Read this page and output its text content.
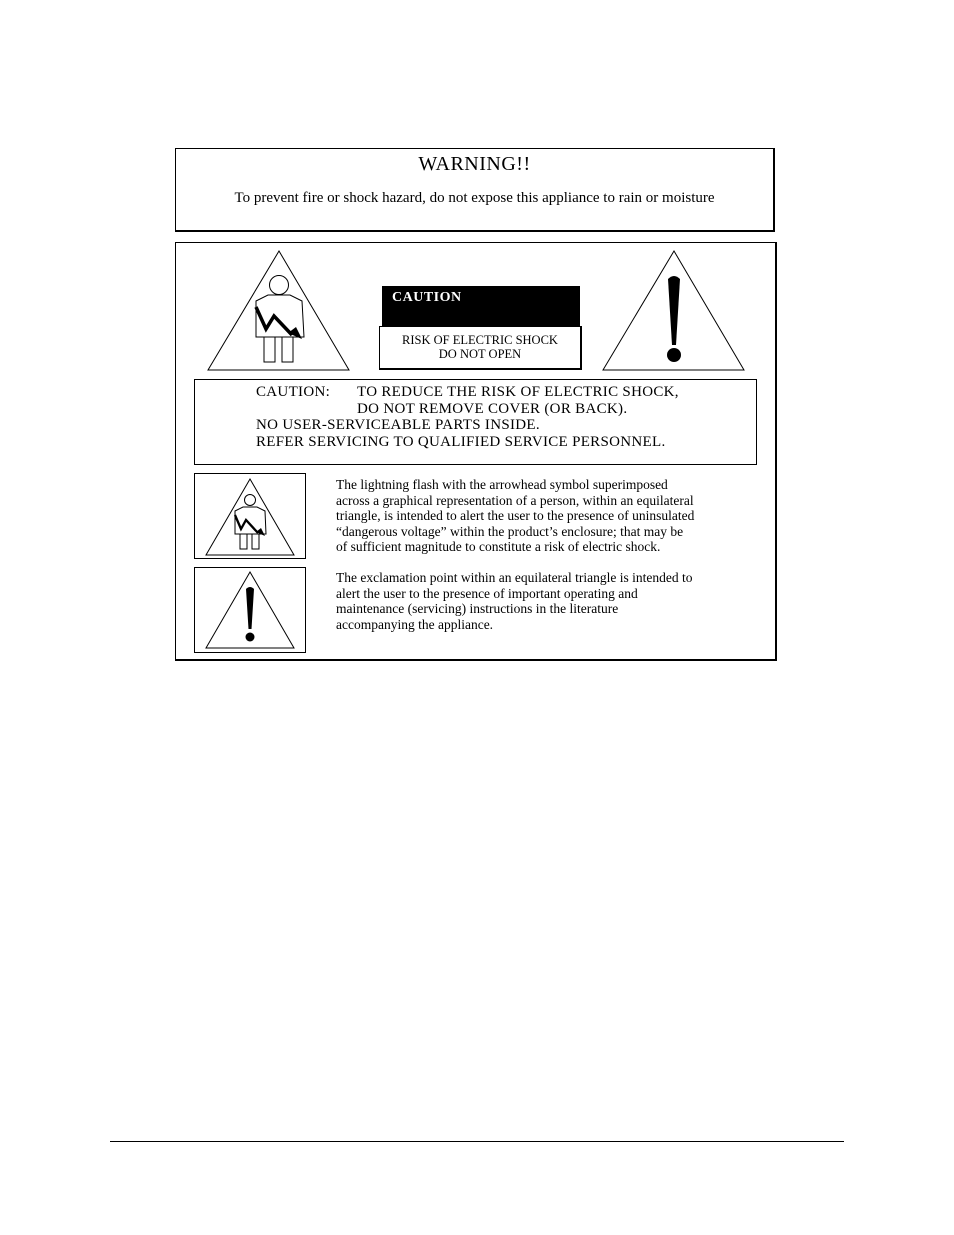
WARNING!!
To prevent fire or shock hazard, do not expose this appliance to rain or moisture
CAUTION
RISK OF ELECTRIC SHOCK
DO NOT OPEN
CAUTION: TO REDUCE THE RISK OF ELECTRIC SHOCK,
DO NOT REMOVE COVER (OR BACK).
NO USER-SERVICEABLE PARTS INSIDE.
REFER SERVICING TO QUALIFIED SERVICE PERSONNEL.
The lightning flash with the arrowhead symbol superimposed
across a graphical representation of a person, within an equilateral
triangle, is intended to alert the user to the presence of uninsulated
“dangerous voltage” within the product’s enclosure; that may be
of sufficient magnitude to constitute a risk of electric shock.
The exclamation point within an equilateral triangle is intended to
alert the user to the presence of important operating and
maintenance (servicing) instructions in the literature
accompanying the appliance.
